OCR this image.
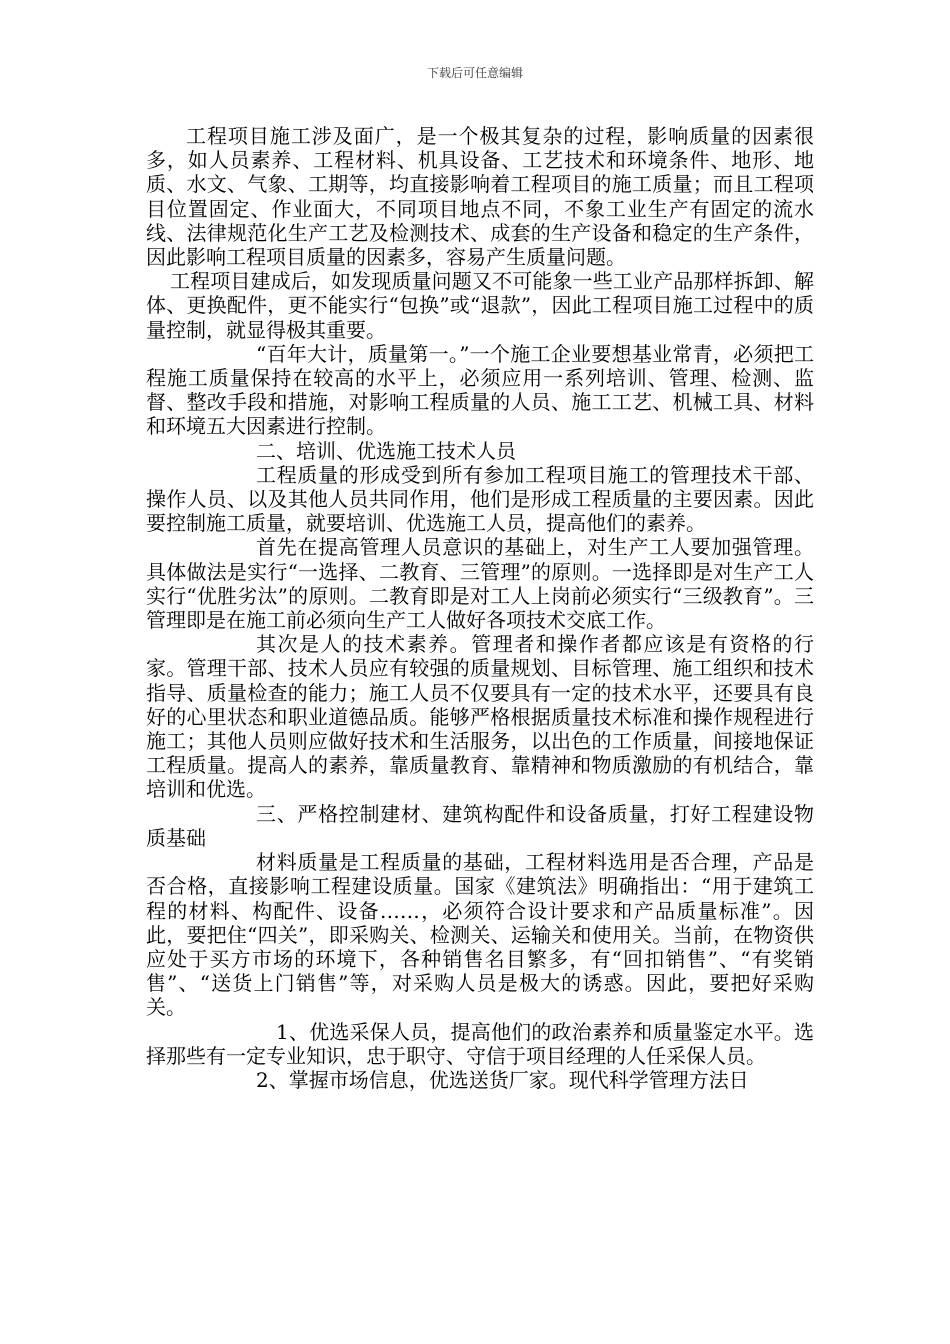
下载后可任意编辑

工程项目施工涉及面广，是一个极其复杂的过程，影响质量的因素很多，如人员素养、工程材料、机具设备、工艺技术和环境条件、地形、地质、水文、气象、工期等，均直接影响着工程项目的施工质量；而且工程项目位置固定、作业面大，不同项目地点不同，不象工业生产有固定的流水线、法律规范化生产工艺及检测技术、成套的生产设备和稳定的生产条件，因此影响工程项目质量的因素多，容易产生质量问题。

工程项目建成后，如发现质量问题又不可能象一些工业产品那样拆卸、解体、更换配件，更不能实行“包换”或“退款”，因此工程项目施工过程中的质量控制，就显得极其重要。

“百年大计，质量第一。”一个施工企业要想基业常青，必须把工程施工质量保持在较高的水平上，必须应用一系列培训、管理、检测、监督、整改手段和措施，对影响工程质量的人员、施工工艺、机械工具、材料和环境五大因素进行控制。

二、培训、优选施工技术人员

工程质量的形成受到所有参加工程项目施工的管理技术干部、操作人员、以及其他人员共同作用，他们是形成工程质量的主要因素。因此要控制施工质量，就要培训、优选施工人员，提高他们的素养。

首先在提高管理人员意识的基础上，对生产工人要加强管理。具体做法是实行“一选择、二教育、三管理”的原则。一选择即是对生产工人实行“优胜劣汰”的原则。二教育即是对工人上岗前必须实行“三级教育”。三管理即是在施工前必须向生产工人做好各项技术交底工作。

其次是人的技术素养。管理者和操作者都应该是有资格的行家。管理干部、技术人员应有较强的质量规划、目标管理、施工组织和技术指导、质量检查的能力；施工人员不仅要具有一定的技术水平，还要具有良好的心里状态和职业道德品质。能够严格根据质量技术标准和操作规程进行施工；其他人员则应做好技术和生活服务，以出色的工作质量，间接地保证工程质量。提高人的素养，靠质量教育、靠精神和物质激励的有机结合，靠培训和优选。

三、严格控制建材、建筑构配件和设备质量，打好工程建设物质基础

材料质量是工程质量的基础，工程材料选用是否合理，产品是否合格，直接影响工程建设质量。国家《建筑法》明确指出：“用于建筑工程的材料、构配件、设备……，必须符合设计要求和产品质量标准”。因此，要把住“四关”，即采购关、检测关、运输关和使用关。当前，在物资供应处于买方市场的环境下，各种销售名目繁多，有“回扣销售”、“有奖销售”、“送货上门销售”等，对采购人员是极大的诱惑。因此，要把好采购关。

1、优选采保人员，提高他们的政治素养和质量鉴定水平。选择那些有一定专业知识，忠于职守、守信于项目经理的人任采保人员。

2、掌握市场信息，优选送货厂家。现代科学管理方法日
